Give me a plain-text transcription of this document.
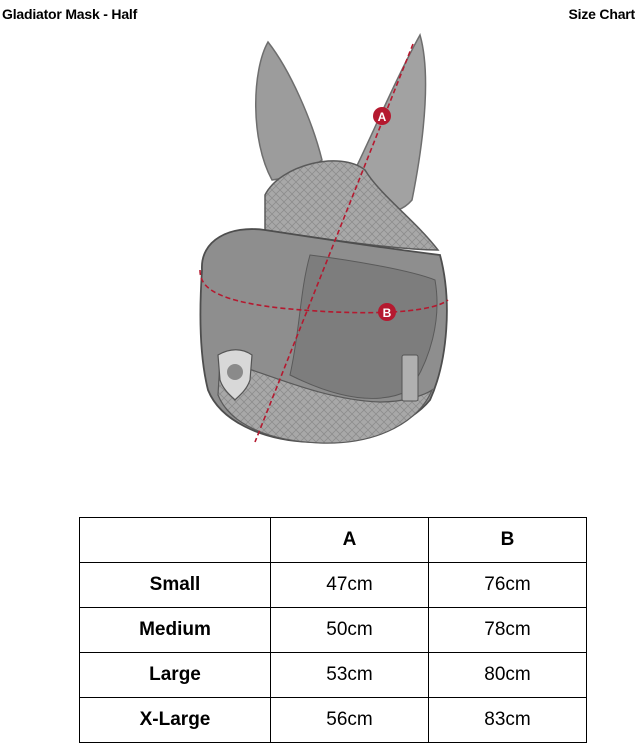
Gladiator Mask - Half	Size Chart
A
B
	A	B
Small	47cm	76cm
Medium	50cm	78cm
Large	53cm	80cm
X-Large	56cm	83cm
